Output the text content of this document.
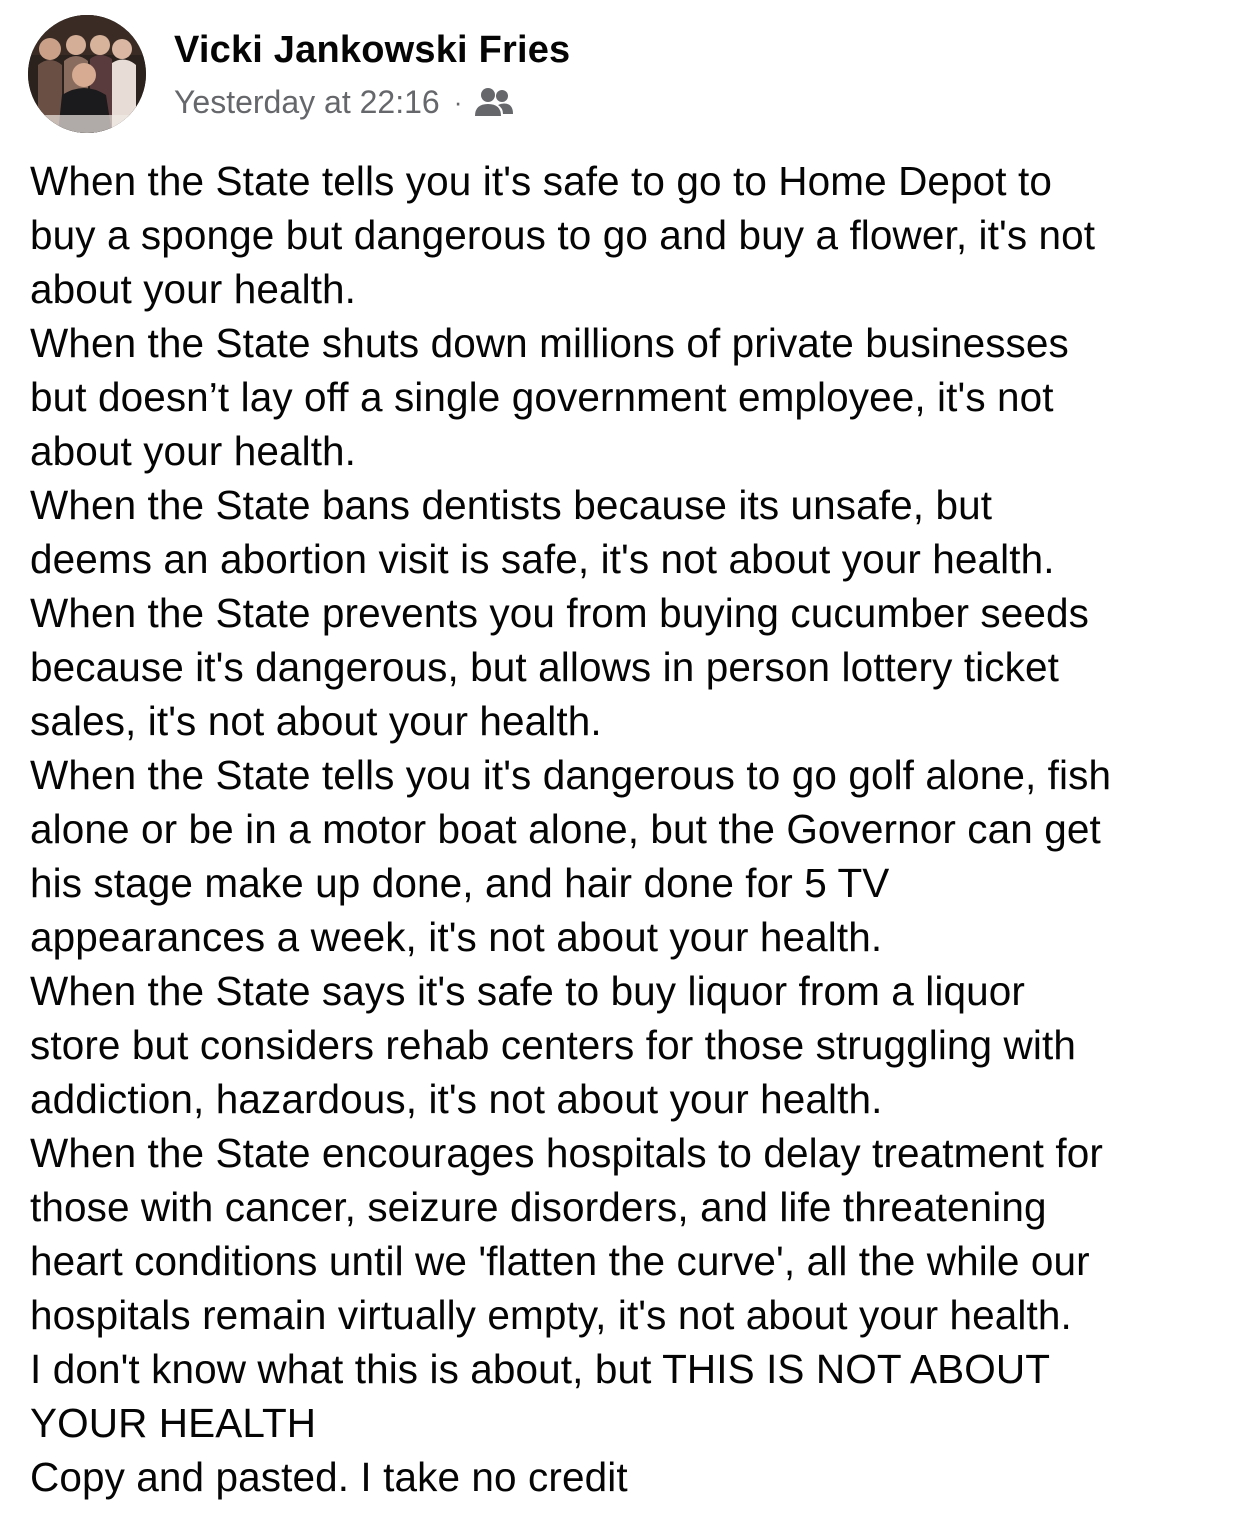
Vicki Jankowski Fries
Yesterday at 22:16 ·
When the State tells you it's safe to go to Home Depot to
buy a sponge but dangerous to go and buy a flower, it's not
about your health.
When the State shuts down millions of private businesses
but doesn’t lay off a single government employee, it's not
about your health.
When the State bans dentists because its unsafe, but
deems an abortion visit is safe, it's not about your health.
When the State prevents you from buying cucumber seeds
because it's dangerous, but allows in person lottery ticket
sales, it's not about your health.
When the State tells you it's dangerous to go golf alone, fish
alone or be in a motor boat alone, but the Governor can get
his stage make up done, and hair done for 5 TV
appearances a week, it's not about your health.
When the State says it's safe to buy liquor from a liquor
store but considers rehab centers for those struggling with
addiction, hazardous, it's not about your health.
When the State encourages hospitals to delay treatment for
those with cancer, seizure disorders, and life threatening
heart conditions until we 'flatten the curve', all the while our
hospitals remain virtually empty, it's not about your health.
I don't know what this is about, but THIS IS NOT ABOUT
YOUR HEALTH
Copy and pasted. I take no credit
